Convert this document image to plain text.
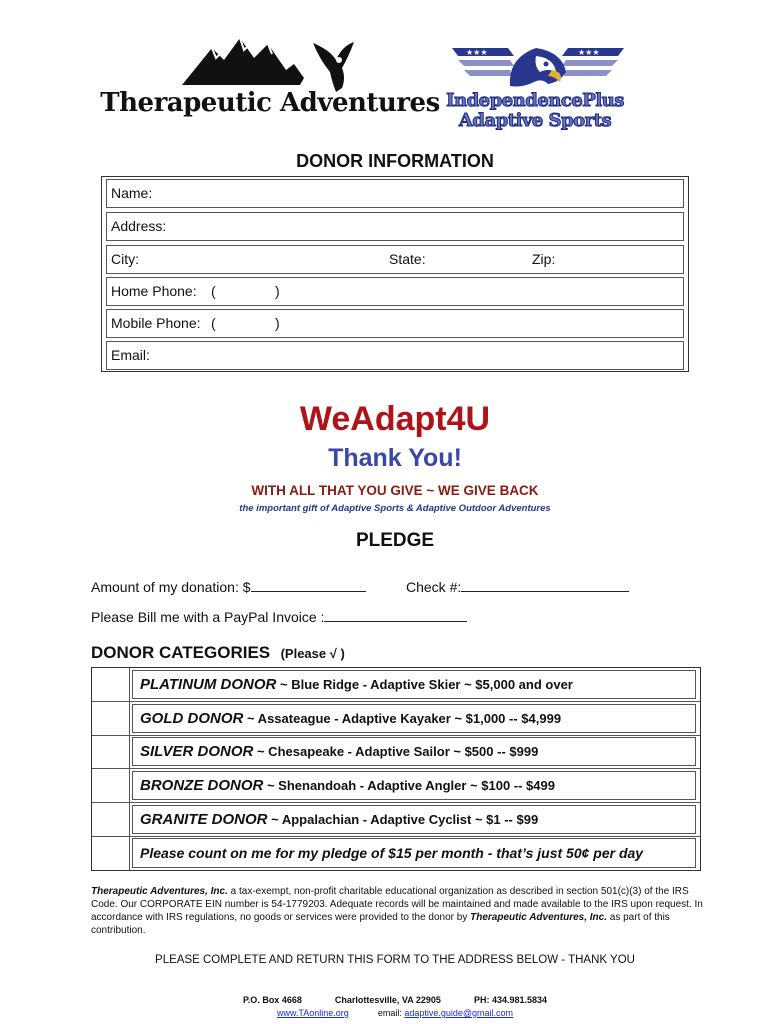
Therapeutic Adventures
★★★	★★★
IndependencePlus
Adaptive Sports
DONOR INFORMATION
Name:
Address:
City:	State:	Zip:
Home Phone: (	)
Mobile Phone: (	)
Email:
WeAdapt4U
Thank You!
WITH ALL THAT YOU GIVE ~ WE GIVE BACK
the important gift of Adaptive Sports & Adaptive Outdoor Adventures
PLEDGE
Amount of my donation: $	Check #:
Please Bill me with a PayPal Invoice :
DONOR CATEGORIES (Please √ )
PLATINUM DONOR ~ Blue Ridge - Adaptive Skier ~ $5,000 and over
GOLD DONOR ~ Assateague - Adaptive Kayaker ~ $1,000 -- $4,999
SILVER DONOR ~ Chesapeake - Adaptive Sailor ~ $500 -- $999
BRONZE DONOR ~ Shenandoah - Adaptive Angler ~ $100 -- $499
GRANITE DONOR ~ Appalachian - Adaptive Cyclist ~ $1 -- $99
Please count on me for my pledge of $15 per month - that’s just 50¢ per day
Therapeutic Adventures, Inc. a tax-exempt, non-profit charitable educational organization as described in section 501(c)(3) of the IRS Code. Our CORPORATE EIN number is 54-1779203. Adequate records will be maintained and made available to the IRS upon request. In accordance with IRS regulations, no goods or services were provided to the donor by Therapeutic Adventures, Inc. as part of this contribution.
PLEASE COMPLETE AND RETURN THIS FORM TO THE ADDRESS BELOW - THANK YOU
P.O. Box 4668	Charlottesville, VA 22905	PH: 434.981.5834
www.TAonline.org	email: adaptive.guide@gmail.com
